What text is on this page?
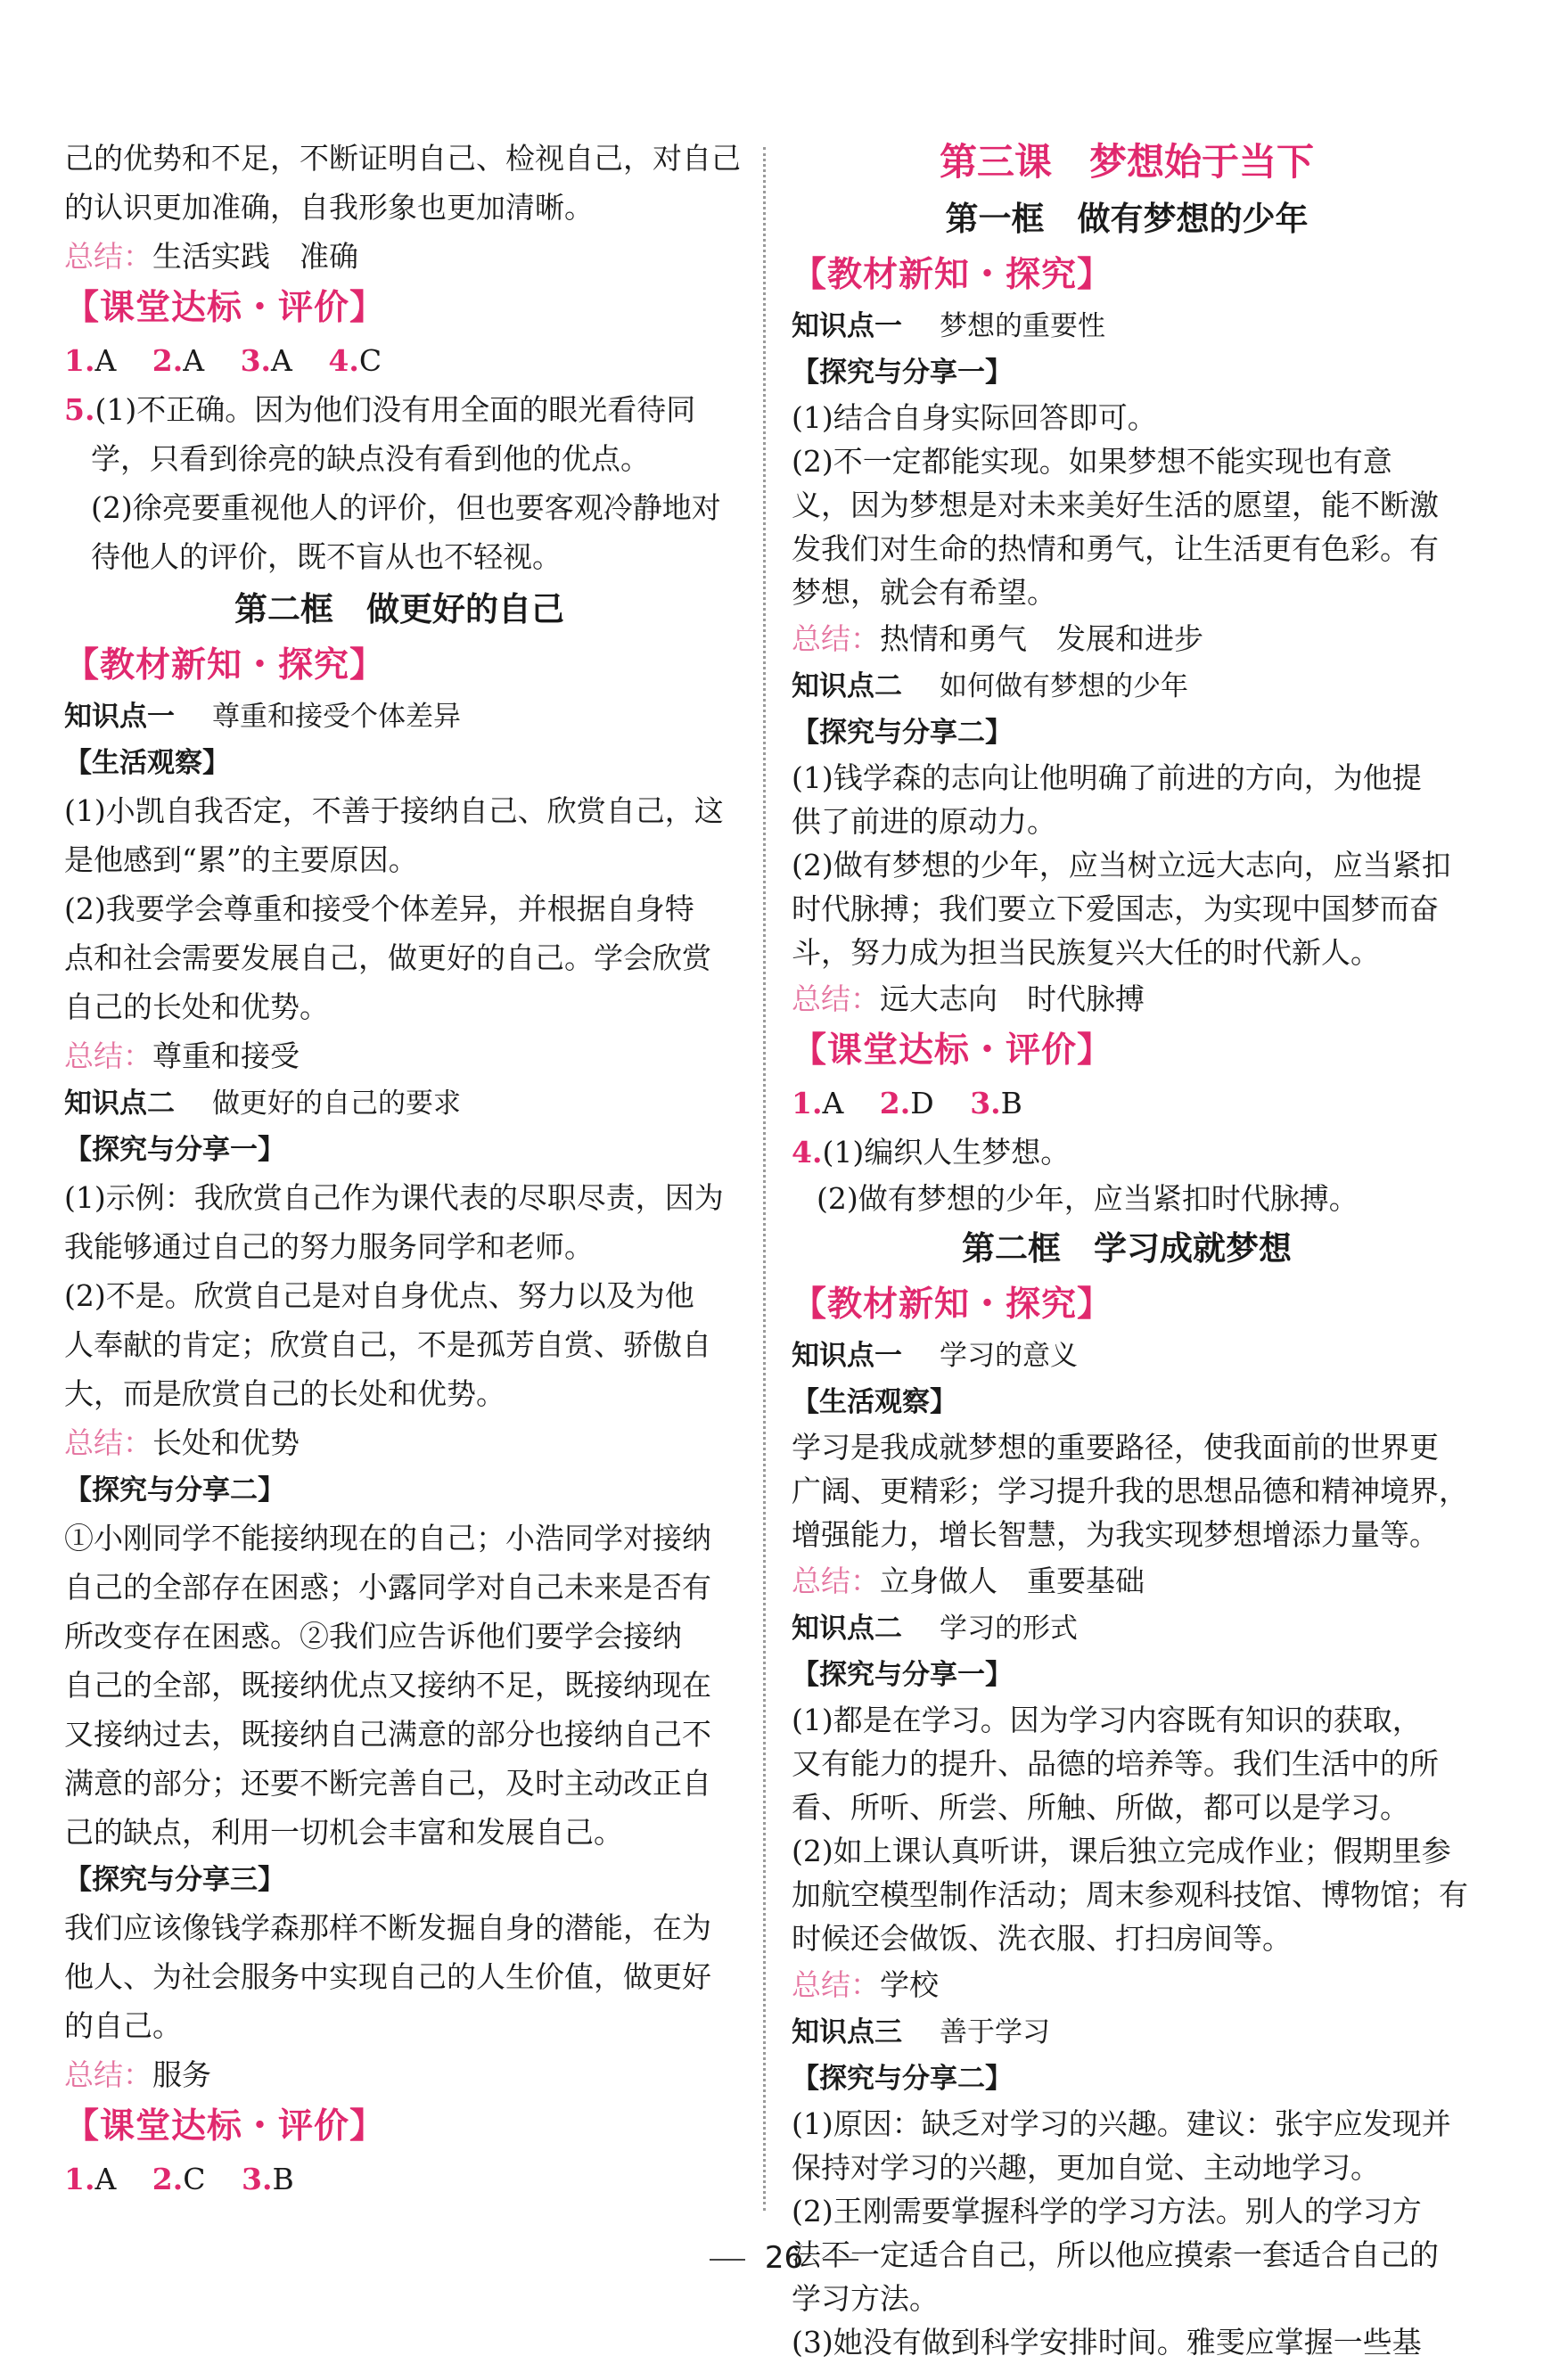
己的优势和不足，不断证明自己、检视自己，对自己

的认识更加准确，自我形象也更加清晰。

总结：生活实践　准确

【课堂达标・评价】

1.A 2.A 3.A 4.C

5.(1)不正确。因为他们没有用全面的眼光看待同

学，只看到徐亮的缺点没有看到他的优点。

(2)徐亮要重视他人的评价，但也要客观冷静地对

待他人的评价，既不盲从也不轻视。

第二框　做更好的自己

【教材新知・探究】

知识点一 尊重和接受个体差异

【生活观察】

(1)小凯自我否定，不善于接纳自己、欣赏自己，这

是他感到“累”的主要原因。

(2)我要学会尊重和接受个体差异，并根据自身特

点和社会需要发展自己，做更好的自己。学会欣赏

自己的长处和优势。

总结：尊重和接受

知识点二 做更好的自己的要求

【探究与分享一】

(1)示例：我欣赏自己作为课代表的尽职尽责，因为

我能够通过自己的努力服务同学和老师。

(2)不是。欣赏自己是对自身优点、努力以及为他

人奉献的肯定；欣赏自己，不是孤芳自赏、骄傲自

大，而是欣赏自己的长处和优势。

总结：长处和优势

【探究与分享二】

①小刚同学不能接纳现在的自己；小浩同学对接纳

自己的全部存在困惑；小露同学对自己未来是否有

所改变存在困惑。②我们应告诉他们要学会接纳

自己的全部，既接纳优点又接纳不足，既接纳现在

又接纳过去，既接纳自己满意的部分也接纳自己不

满意的部分；还要不断完善自己，及时主动改正自

己的缺点，利用一切机会丰富和发展自己。

【探究与分享三】

我们应该像钱学森那样不断发掘自身的潜能，在为

他人、为社会服务中实现自己的人生价值，做更好

的自己。

总结：服务

【课堂达标・评价】

1.A 2.C 3.B

第三课　梦想始于当下

第一框　做有梦想的少年

【教材新知・探究】

知识点一 梦想的重要性

【探究与分享一】

(1)结合自身实际回答即可。

(2)不一定都能实现。如果梦想不能实现也有意

义，因为梦想是对未来美好生活的愿望，能不断激

发我们对生命的热情和勇气，让生活更有色彩。有

梦想，就会有希望。

总结：热情和勇气　发展和进步

知识点二 如何做有梦想的少年

【探究与分享二】

(1)钱学森的志向让他明确了前进的方向，为他提

供了前进的原动力。

(2)做有梦想的少年，应当树立远大志向，应当紧扣

时代脉搏；我们要立下爱国志，为实现中国梦而奋

斗，努力成为担当民族复兴大任的时代新人。

总结：远大志向　时代脉搏

【课堂达标・评价】

1.A 2.D 3.B

4.(1)编织人生梦想。

(2)做有梦想的少年，应当紧扣时代脉搏。

第二框　学习成就梦想

【教材新知・探究】

知识点一 学习的意义

【生活观察】

学习是我成就梦想的重要路径，使我面前的世界更

广阔、更精彩；学习提升我的思想品德和精神境界，

增强能力，增长智慧，为我实现梦想增添力量等。

总结：立身做人　重要基础

知识点二 学习的形式

【探究与分享一】

(1)都是在学习。因为学习内容既有知识的获取，

又有能力的提升、品德的培养等。我们生活中的所

看、所听、所尝、所触、所做，都可以是学习。

(2)如上课认真听讲，课后独立完成作业；假期里参

加航空模型制作活动；周末参观科技馆、博物馆；有

时候还会做饭、洗衣服、打扫房间等。

总结：学校

知识点三 善于学习

【探究与分享二】

(1)原因：缺乏对学习的兴趣。建议：张宇应发现并

保持对学习的兴趣，更加自觉、主动地学习。

(2)王刚需要掌握科学的学习方法。别人的学习方

法不一定适合自己，所以他应摸索一套适合自己的

学习方法。

(3)她没有做到科学安排时间。雅雯应掌握一些基

26
